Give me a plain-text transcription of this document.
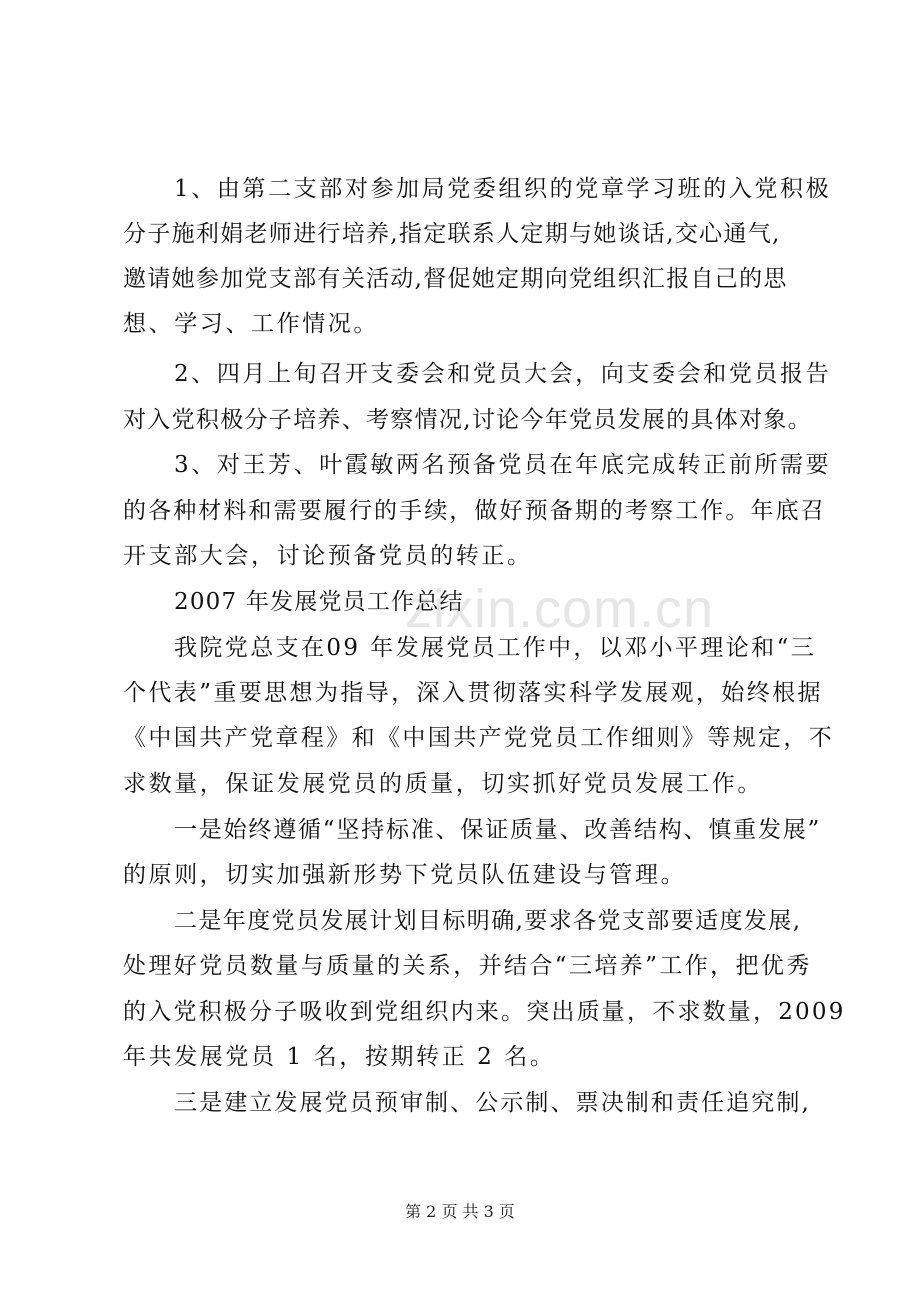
zixin.com.cn
1、由第二支部对参加局党委组织的党章学习班的入党积极
分子施利娟老师进行培养,指定联系人定期与她谈话,交心通气,
邀请她参加党支部有关活动,督促她定期向党组织汇报自己的思
想、学习、工作情况。
2、四月上旬召开支委会和党员大会，向支委会和党员报告
对入党积极分子培养、考察情况,讨论今年党员发展的具体对象。
3、对王芳、叶霞敏两名预备党员在年底完成转正前所需要
的各种材料和需要履行的手续，做好预备期的考察工作。年底召
开支部大会，讨论预备党员的转正。
2007 年发展党员工作总结
我院党总支在09 年发展党员工作中，以邓小平理论和“三
个代表”重要思想为指导，深入贯彻落实科学发展观，始终根据
《中国共产党章程》和《中国共产党党员工作细则》等规定，不
求数量，保证发展党员的质量，切实抓好党员发展工作。
一是始终遵循“坚持标准、保证质量、改善结构、慎重发展”
的原则，切实加强新形势下党员队伍建设与管理。
二是年度党员发展计划目标明确,要求各党支部要适度发展,
处理好党员数量与质量的关系，并结合“三培养”工作，把优秀
的入党积极分子吸收到党组织内来。突出质量，不求数量，2009
年共发展党员 1 名，按期转正 2 名。
三是建立发展党员预审制、公示制、票决制和责任追究制,
第 2 页 共 3 页
